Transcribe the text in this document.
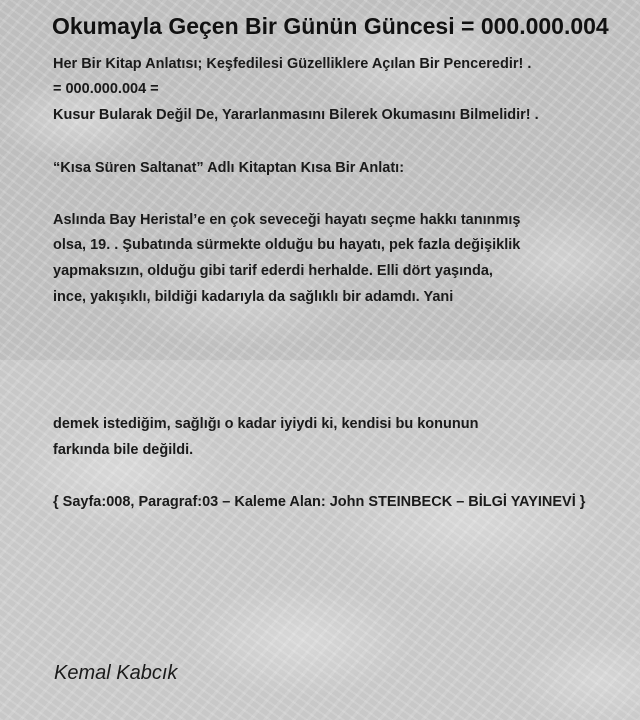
Okumayla Geçen Bir Günün Güncesi = 000.000.004

Her Bir Kitap Anlatısı; Keşfedilesi Güzelliklere Açılan Bir Penceredir! .

= 000.000.004 =

Kusur Bularak Değil De, Yararlanmasını Bilerek Okumasını Bilmelidir! .

“Kısa Süren Saltanat” Adlı Kitaptan Kısa Bir Anlatı:

Aslında Bay Heristal’e en çok seveceği hayatı seçme hakkı tanınmış

olsa, 19. . Şubatında sürmekte olduğu bu hayatı, pek fazla değişiklik

yapmaksızın, olduğu gibi tarif ederdi herhalde. Elli dört yaşında,

ince, yakışıklı, bildiği kadarıyla da sağlıklı bir adamdı. Yani

demek istediğim, sağlığı o kadar iyiydi ki, kendisi bu konunun

farkında bile değildi.

{ Sayfa:008, Paragraf:03 – Kaleme Alan: John STEINBECK – BİLGİ YAYINEVİ }

Kemal Kabcık
